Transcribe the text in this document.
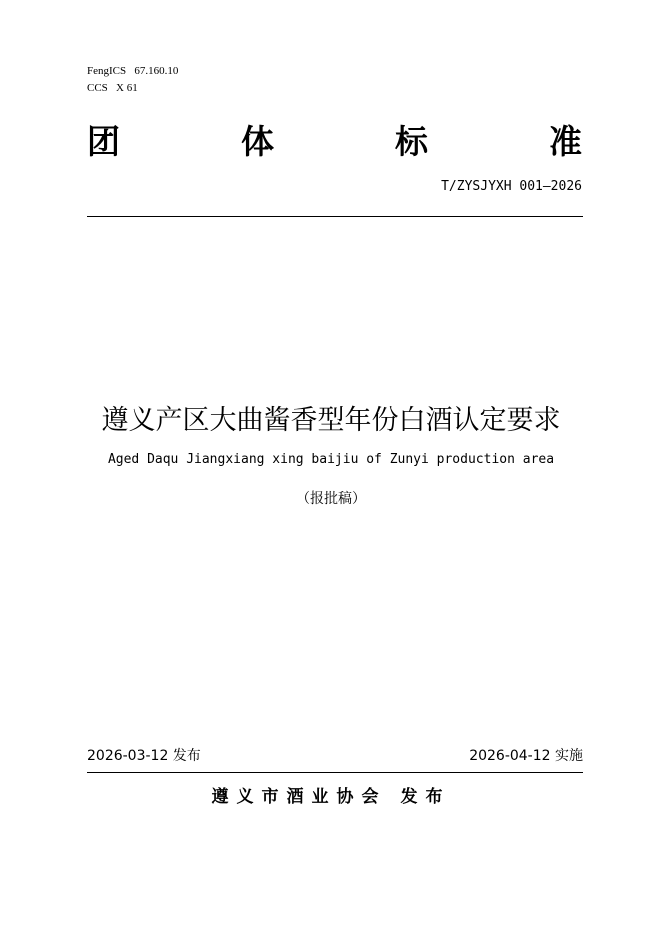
FengICS   67.160.10
CCS   X 61
团	体	标	准
T/ZYSJYXH 001—2026
遵义产区大曲酱香型年份白酒认定要求
Aged Daqu Jiangxiang xing baijiu of Zunyi production area
（报批稿）
2026-03-12 发布	2026-04-12 实施
遵义市酒业协会 发布
